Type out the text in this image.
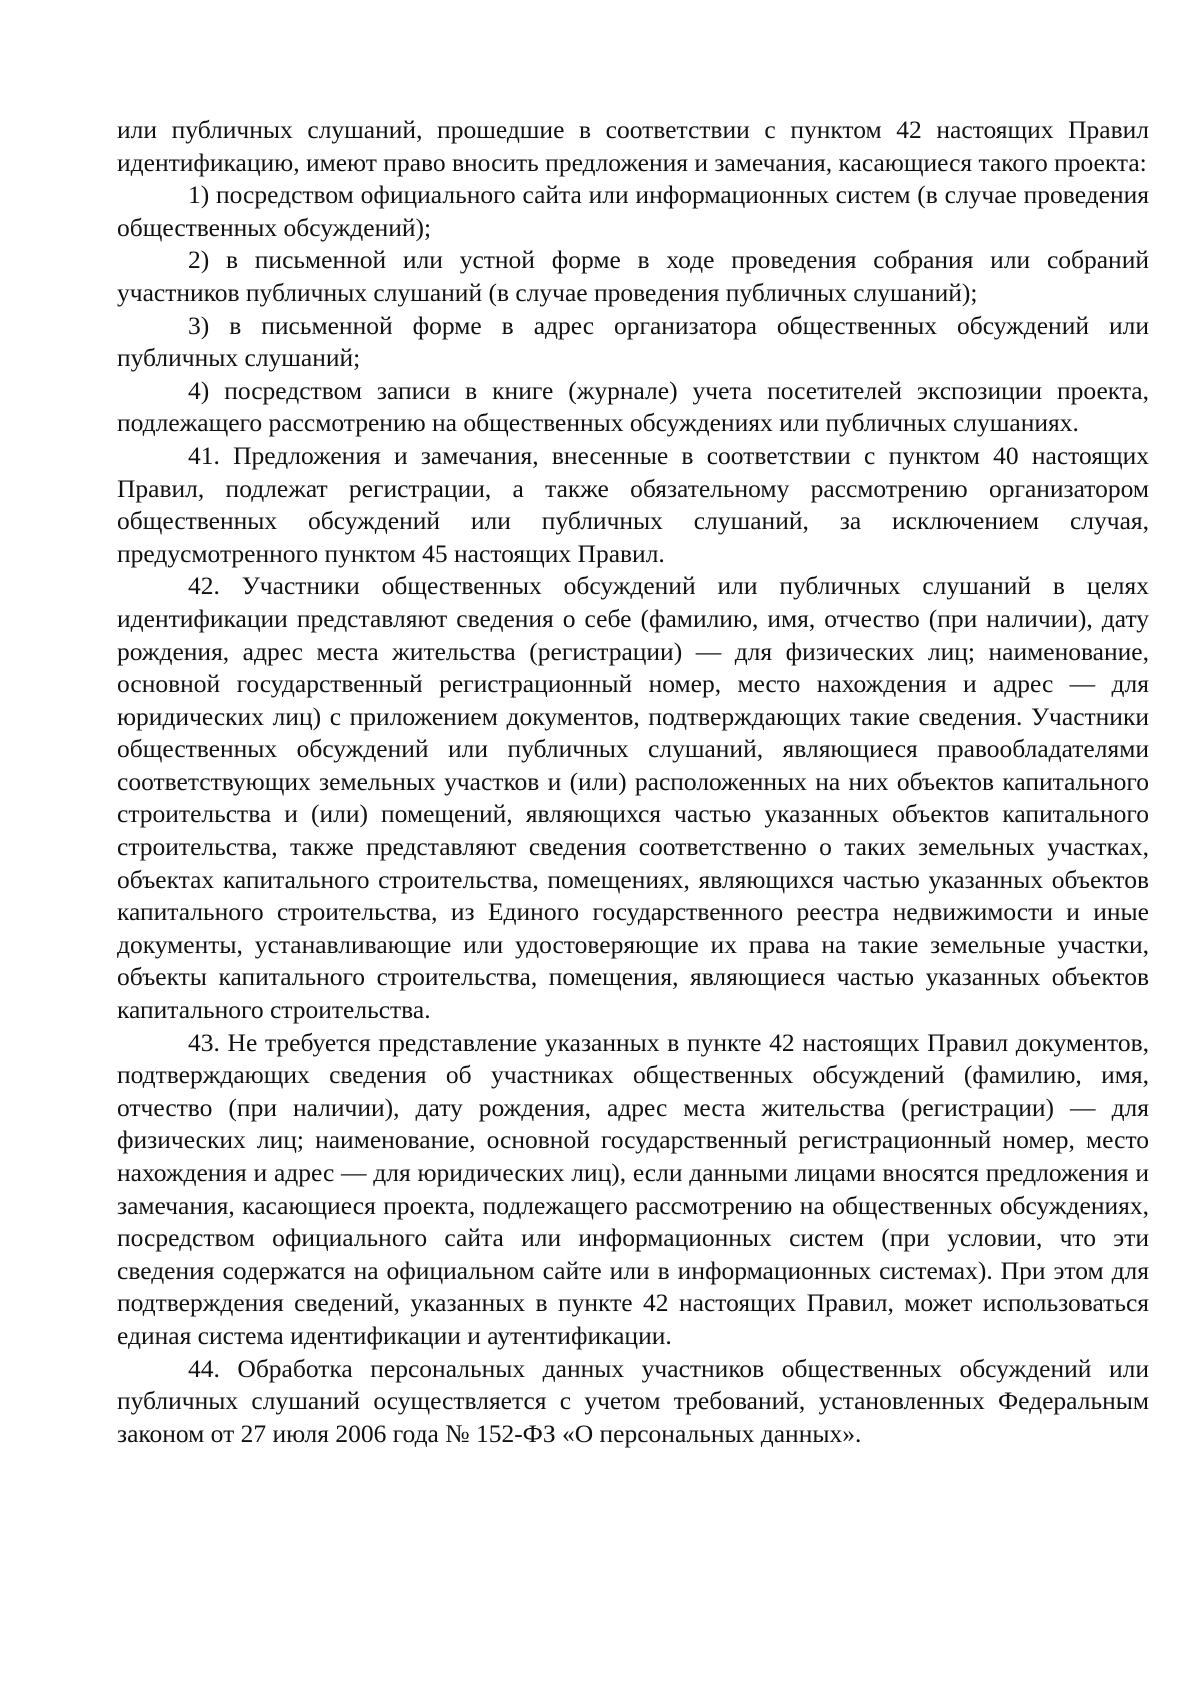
или публичных слушаний, прошедшие в соответствии с пунктом 42 настоящих Правил идентификацию, имеют право вносить предложения и замечания, касающиеся такого проекта:

1) посредством официального сайта или информационных систем (в случае проведения общественных обсуждений);

2) в письменной или устной форме в ходе проведения собрания или собраний участников публичных слушаний (в случае проведения публичных слушаний);

3) в письменной форме в адрес организатора общественных обсуждений или публичных слушаний;

4) посредством записи в книге (журнале) учета посетителей экспозиции проекта, подлежащего рассмотрению на общественных обсуждениях или публичных слушаниях.

41. Предложения и замечания, внесенные в соответствии с пунктом 40 настоящих Правил, подлежат регистрации, а также обязательному рассмотрению организатором общественных обсуждений или публичных слушаний, за исключением случая, предусмотренного пунктом 45 настоящих Правил.

42. Участники общественных обсуждений или публичных слушаний в целях идентификации представляют сведения о себе (фамилию, имя, отчество (при наличии), дату рождения, адрес места жительства (регистрации) — для физических лиц; наименование, основной государственный регистрационный номер, место нахождения и адрес — для юридических лиц) с приложением документов, подтверждающих такие сведения. Участники общественных обсуждений или публичных слушаний, являющиеся правообладателями соответствующих земельных участков и (или) расположенных на них объектов капитального строительства и (или) помещений, являющихся частью указанных объектов капитального строительства, также представляют сведения соответственно о таких земельных участках, объектах капитального строительства, помещениях, являющихся частью указанных объектов капитального строительства, из Единого государственного реестра недвижимости и иные документы, устанавливающие или удостоверяющие их права на такие земельные участки, объекты капитального строительства, помещения, являющиеся частью указанных объектов капитального строительства.

43. Не требуется представление указанных в пункте 42 настоящих Правил документов, подтверждающих сведения об участниках общественных обсуждений (фамилию, имя, отчество (при наличии), дату рождения, адрес места жительства (регистрации) — для физических лиц; наименование, основной государственный регистрационный номер, место нахождения и адрес — для юридических лиц), если данными лицами вносятся предложения и замечания, касающиеся проекта, подлежащего рассмотрению на общественных обсуждениях, посредством официального сайта или информационных систем (при условии, что эти сведения содержатся на официальном сайте или в информационных системах). При этом для подтверждения сведений, указанных в пункте 42 настоящих Правил, может использоваться единая система идентификации и аутентификации.

44. Обработка персональных данных участников общественных обсуждений или публичных слушаний осуществляется с учетом требований, установленных Федеральным законом от 27 июля 2006 года № 152-ФЗ «О персональных данных».
